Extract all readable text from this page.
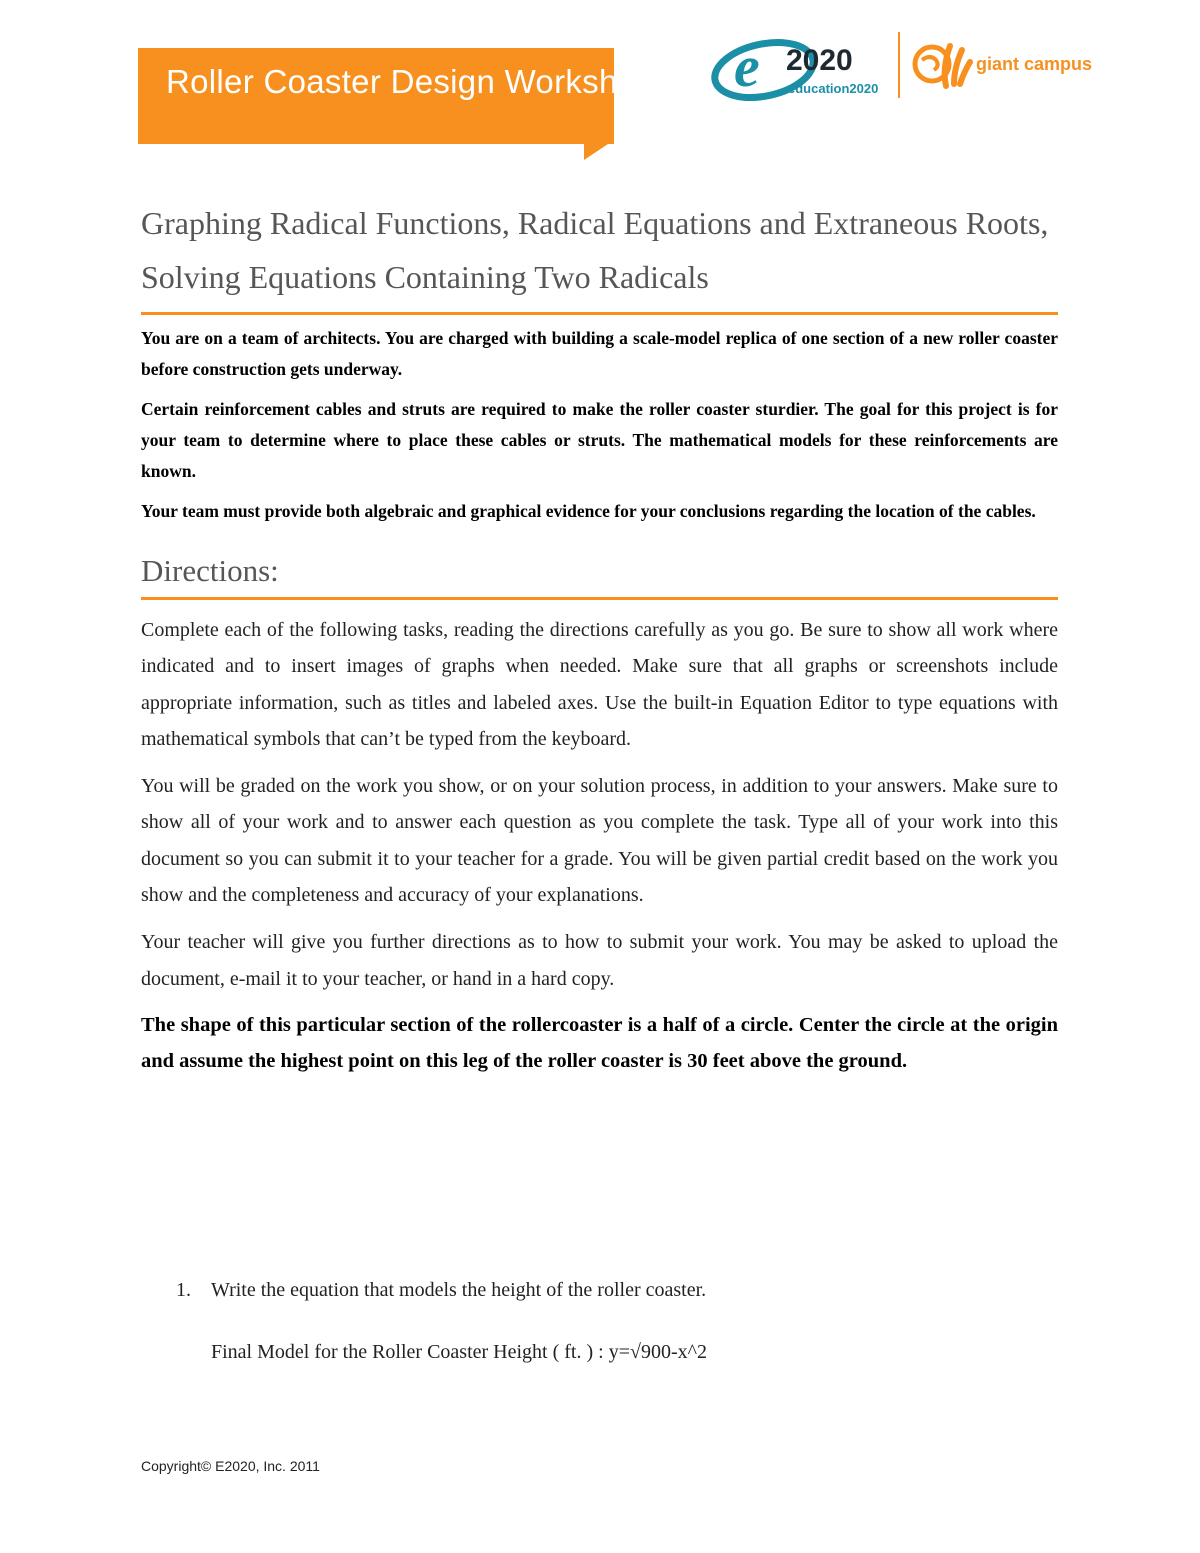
Roller Coaster Design Worksheet e 2020
education2020
giant campus
Graphing Radical Functions, Radical Equations and Extraneous Roots, Solving Equations Containing Two Radicals

You are on a team of architects. You are charged with building a scale-model replica of one section of a new roller coaster before construction gets underway.

Certain reinforcement cables and struts are required to make the roller coaster sturdier. The goal for this project is for your team to determine where to place these cables or struts. The mathematical models for these reinforcements are known.

Your team must provide both algebraic and graphical evidence for your conclusions regarding the location of the cables.

Directions:

Complete each of the following tasks, reading the directions carefully as you go. Be sure to show all work where indicated and to insert images of graphs when needed. Make sure that all graphs or screenshots include appropriate information, such as titles and labeled axes. Use the built-in Equation Editor to type equations with mathematical symbols that can’t be typed from the keyboard.

You will be graded on the work you show, or on your solution process, in addition to your answers. Make sure to show all of your work and to answer each question as you complete the task. Type all of your work into this document so you can submit it to your teacher for a grade. You will be given partial credit based on the work you show and the completeness and accuracy of your explanations.

Your teacher will give you further directions as to how to submit your work. You may be asked to upload the document, e-mail it to your teacher, or hand in a hard copy.

The shape of this particular section of the rollercoaster is a half of a circle. Center the circle at the origin and assume the highest point on this leg of the roller coaster is 30 feet above the ground.

1. Write the equation that models the height of the roller coaster.
Final Model for the Roller Coaster Height ( ft. ) : y=√900-x^2
Copyright© E2020, Inc. 2011
